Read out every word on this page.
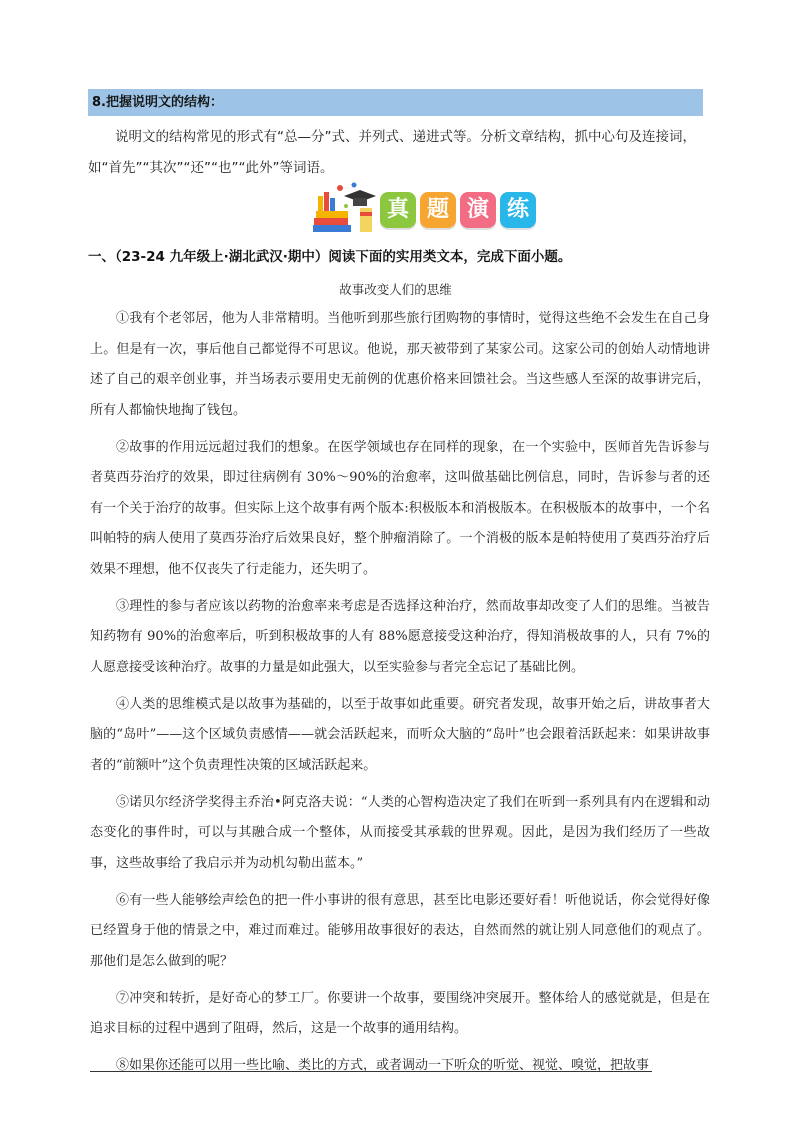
8.把握说明文的结构：

说明文的结构常见的形式有“总—分”式、并列式、递进式等。分析文章结构，抓中心句及连接词，如“首先”“其次”“还”“也”“此外”等词语。

真 题 演 练
一、（23-24 九年级上·湖北武汉·期中）阅读下面的实用类文本，完成下面小题。
故事改变人们的思维

①我有个老邻居，他为人非常精明。当他听到那些旅行团购物的事情时，觉得这些绝不会发生在自己身上。但是有一次，事后他自己都觉得不可思议。他说，那天被带到了某家公司。这家公司的创始人动情地讲述了自己的艰辛创业事，并当场表示要用史无前例的优惠价格来回馈社会。当这些感人至深的故事讲完后，所有人都愉快地掏了钱包。

②故事的作用远远超过我们的想象。在医学领域也存在同样的现象，在一个实验中，医师首先告诉参与者莫西芬治疗的效果，即过往病例有 30%～90%的治愈率，这叫做基础比例信息，同时，告诉参与者的还有一个关于治疗的故事。但实际上这个故事有两个版本:积极版本和消极版本。在积极版本的故事中，一个名叫帕特的病人使用了莫西芬治疗后效果良好，整个肿瘤消除了。一个消极的版本是帕特使用了莫西芬治疗后效果不理想，他不仅丧失了行走能力，还失明了。

③理性的参与者应该以药物的治愈率来考虑是否选择这种治疗，然而故事却改变了人们的思维。当被告知药物有 90%的治愈率后，听到积极故事的人有 88%愿意接受这种治疗，得知消极故事的人，只有 7%的人愿意接受该种治疗。故事的力量是如此强大，以至实验参与者完全忘记了基础比例。

④人类的思维模式是以故事为基础的，以至于故事如此重要。研究者发现，故事开始之后，讲故事者大脑的“岛叶”——这个区域负责感情——就会活跃起来，而听众大脑的“岛叶”也会跟着活跃起来：如果讲故事者的“前额叶”这个负责理性决策的区域活跃起来。

⑤诺贝尔经济学奖得主乔治•阿克洛夫说：“人类的心智构造决定了我们在听到一系列具有内在逻辑和动态变化的事件时，可以与其融合成一个整体，从而接受其承载的世界观。因此，是因为我们经历了一些故事，这些故事给了我启示并为动机勾勒出蓝本。”

⑥有一些人能够绘声绘色的把一件小事讲的很有意思，甚至比电影还要好看！听他说话，你会觉得好像已经置身于他的情景之中，难过而难过。能够用故事很好的表达，自然而然的就让别人同意他们的观点了。那他们是怎么做到的呢？

⑦冲突和转折，是好奇心的梦工厂。你要讲一个故事，要围绕冲突展开。整体给人的感觉就是，但是在追求目标的过程中遇到了阻碍，然后，这是一个故事的通用结构。

⑧如果你还能可以用一些比喻、类比的方式，或者调动一下听众的听觉、视觉、嗅觉，把故事
